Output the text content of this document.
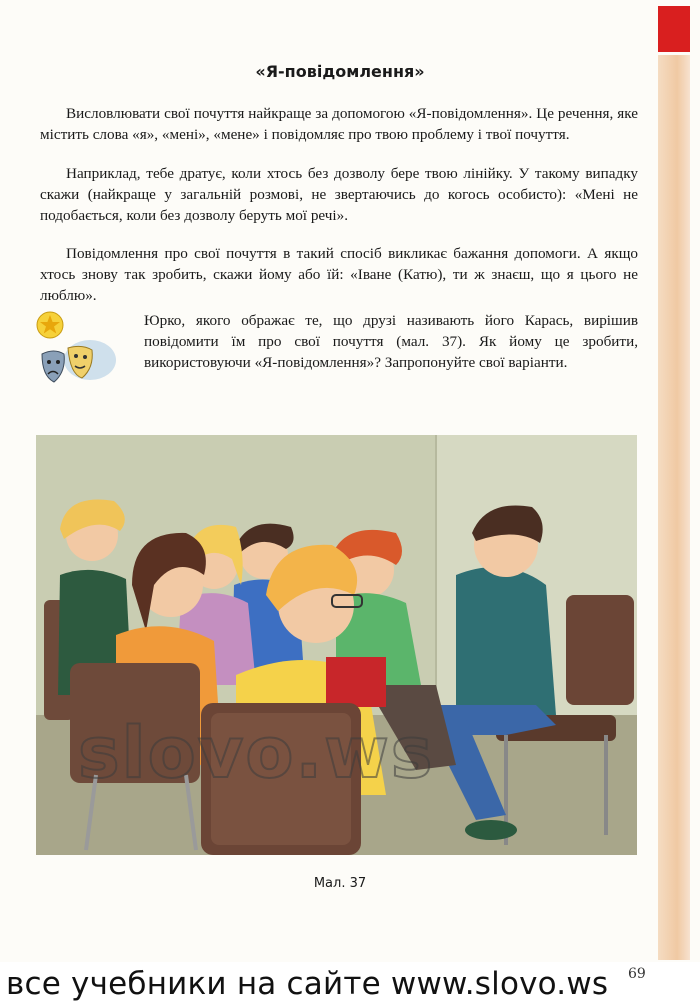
«Я-повідомлення»

Висловлювати свої почуття найкраще за допомогою «Я-повідомлення». Це речення, яке містить слова «я», «мені», «мене» і повідомляє про твою проблему і твої почуття.

Наприклад, тебе дратує, коли хтось без дозволу бере твою лінійку. У такому випадку скажи (найкраще у загальній розмові, не звертаючись до когось особисто): «Мені не подобається, коли без дозволу беруть мої речі».

Повідомлення про свої почуття в такий спосіб викликає бажання допомоги. А якщо хтось знову так зробить, скажи йому або їй: «Іване (Катю), ти ж знаєш, що я цього не люблю».

Юрко, якого ображає те, що друзі називають його Карась, вирішив повідомити їм про свої почуття (мал. 37). Як йому це зробити, використовуючи «Я-повідомлення»? Запропонуйте свої варіанти.

slovo.ws
Мал. 37
все учебники на сайте www.slovo.ws 69
